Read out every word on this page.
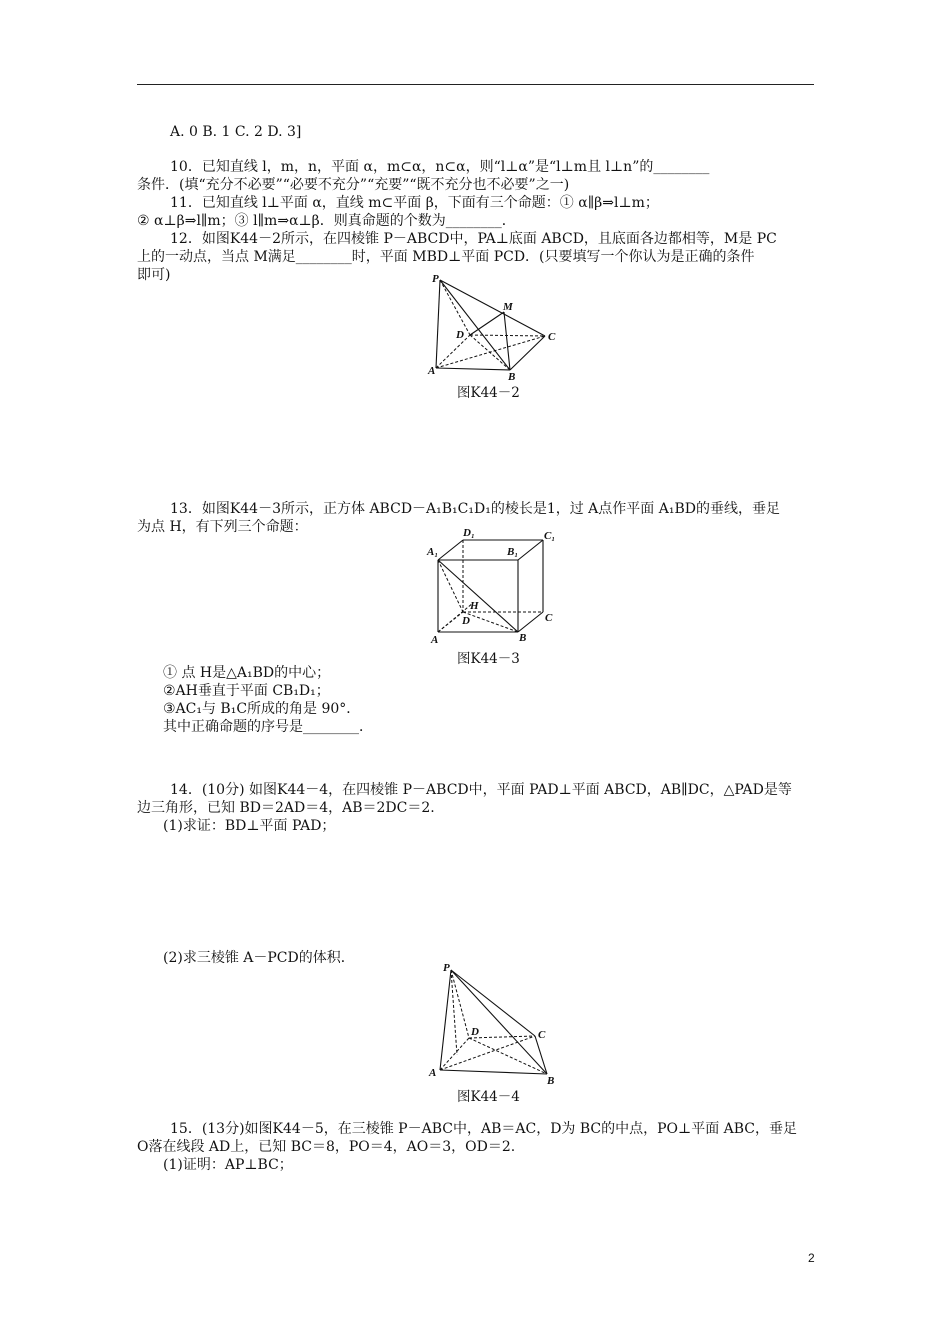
A. 0 B. 1 C. 2 D. 3]
10．已知直线 l，m，n，平面 α，m⊂α，n⊂α，则“l⊥α”是“l⊥m且 l⊥n”的________
条件．(填“充分不必要”“必要不充分”“充要”“既不充分也不必要”之一)
11．已知直线 l⊥平面 α，直线 m⊂平面 β，下面有三个命题：① α∥β⇒l⊥m；
② α⊥β⇒l∥m；③ l∥m⇒α⊥β．则真命题的个数为________．
12．如图K44－2所示，在四棱锥 P－ABCD中，PA⊥底面 ABCD，且底面各边都相等，M是 PC
上的一动点，当点 M满足________时，平面 MBD⊥平面 PCD．(只要填写一个你认为是正确的条件
即可)	P
M
D	C
A	B
图K44－2
13．如图K44－3所示，正方体 ABCD－A₁B₁C₁D₁的棱长是1，过 A点作平面 A₁BD的垂线，垂足
为点 H，有下列三个命题：
A₁
D₁
B₁
C₁
H
D	C
A	B
图K44－3
① 点 H是△A₁BD的中心；
②AH垂直于平面 CB₁D₁；
③AC₁与 B₁C所成的角是 90°．
其中正确命题的序号是________．
14．(10分) 如图K44－4，在四棱锥 P－ABCD中，平面 PAD⊥平面 ABCD，AB∥DC，△PAD是等
边三角形，已知 BD＝2AD＝4，AB＝2DC＝2.
(1)求证：BD⊥平面 PAD；
(2)求三棱锥 A－PCD的体积．
P
D	C
A
B
图K44－4
15．(13分)如图K44－5，在三棱锥 P－ABC中，AB＝AC，D为 BC的中点，PO⊥平面 ABC，垂足
O落在线段 AD上，已知 BC＝8，PO＝4，AO＝3，OD＝2.
(1)证明：AP⊥BC；
2
